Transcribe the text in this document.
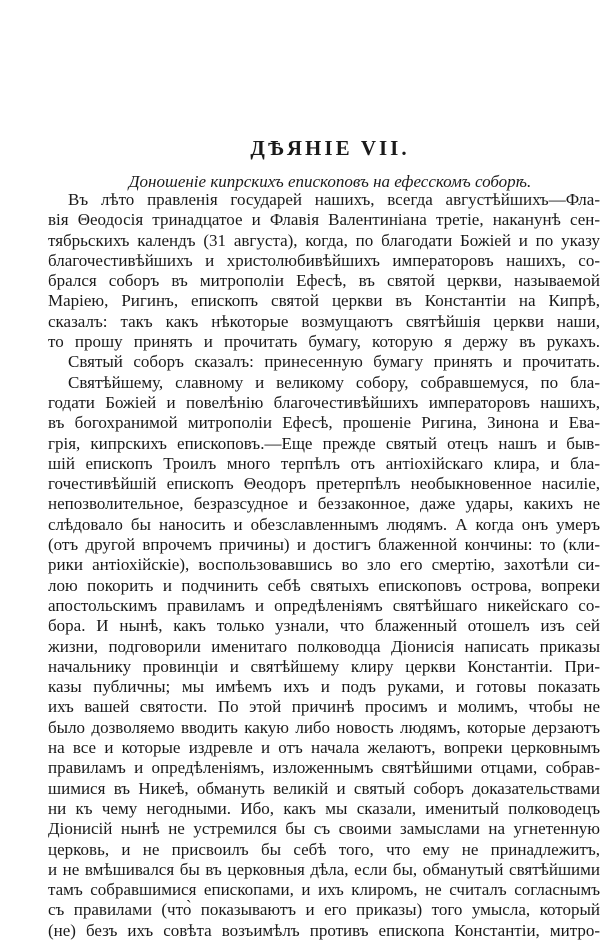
ДѢЯНІЕ VII.
Доношеніе кипрскихъ епископовъ на ефесскомъ соборѣ.
Въ лѣто правленія государей нашихъ, всегда августѣйшихъ—Фла-
вія Θеодосія тринадцатое и Флавія Валентиніана третіе, наканунѣ сен-
тябрьскихъ календъ (31 августа), когда, по благодати Божіей и по указу
благочестивѣйшихъ и христолюбивѣйшихъ императоровъ нашихъ, со-
брался соборъ въ митрополіи Ефесѣ, въ святой церкви, называемой
Маріею, Ригинъ, епископъ святой церкви въ Константіи на Кипрѣ,
сказалъ: такъ какъ нѣкоторые возмущаютъ святѣйшія церкви наши,
то прошу принять и прочитать бумагу, которую я держу въ рукахъ.
Святый соборъ сказалъ: принесенную бумагу принять и прочитать.
Святѣйшему, славному и великому собору, собравшемуся, по бла-
годати Божіей и повелѣнію благочестивѣйшихъ императоровъ нашихъ,
въ богохранимой митрополіи Ефесѣ, прошеніе Ригина, Зинона и Ева-
грія, кипрскихъ епископовъ.—Еще прежде святый отецъ нашъ и быв-
шій епископъ Троилъ много терпѣлъ отъ антіохійскаго клира, и бла-
гочестивѣйшій епископъ Θеодоръ претерпѣлъ необыкновенное насиліе,
непозволительное, безразсудное и беззаконное, даже удары, какихъ не
слѣдовало бы наносить и обезславленнымъ людямъ. А когда онъ умеръ
(отъ другой впрочемъ причины) и достигъ блаженной кончины: то (кли-
рики антіохійскіе), воспользовавшись во зло его смертію, захотѣли си-
лою покорить и подчинить себѣ святыхъ епископовъ острова, вопреки
апостольскимъ правиламъ и опредѣленіямъ святѣйшаго никейскаго со-
бора. И нынѣ, какъ только узнали, что блаженный отошелъ изъ сей
жизни, подговорили именитаго полководца Діонисія написать приказы
начальнику провинціи и святѣйшему клиру церкви Константіи. При-
казы публичны; мы имѣемъ ихъ и подъ руками, и готовы показать
ихъ вашей святости. По этой причинѣ просимъ и молимъ, чтобы не
было дозволяемо вводить какую либо новость людямъ, которые дерзаютъ
на все и которые издревле и отъ начала желаютъ, вопреки церковнымъ
правиламъ и опредѣленіямъ, изложеннымъ святѣйшими отцами, собрав-
шимися въ Никеѣ, обмануть великій и святый соборъ доказательствами
ни къ чему негодными. Ибо, какъ мы сказали, именитый полководецъ
Діонисій нынѣ не устремился бы съ своими замыслами на угнетенную
церковь, и не присвоилъ бы себѣ того, что ему не принадлежитъ,
и не вмѣшивался бы въ церковныя дѣла, если бы, обманутый святѣйшими
тамъ собравшимися епископами, и ихъ клиромъ, не считалъ согласнымъ
съ правилами (что̀ показываютъ и его приказы) того умысла, который
(не) безъ ихъ совѣта возъимѣлъ противъ епископа Константіи, митро-
